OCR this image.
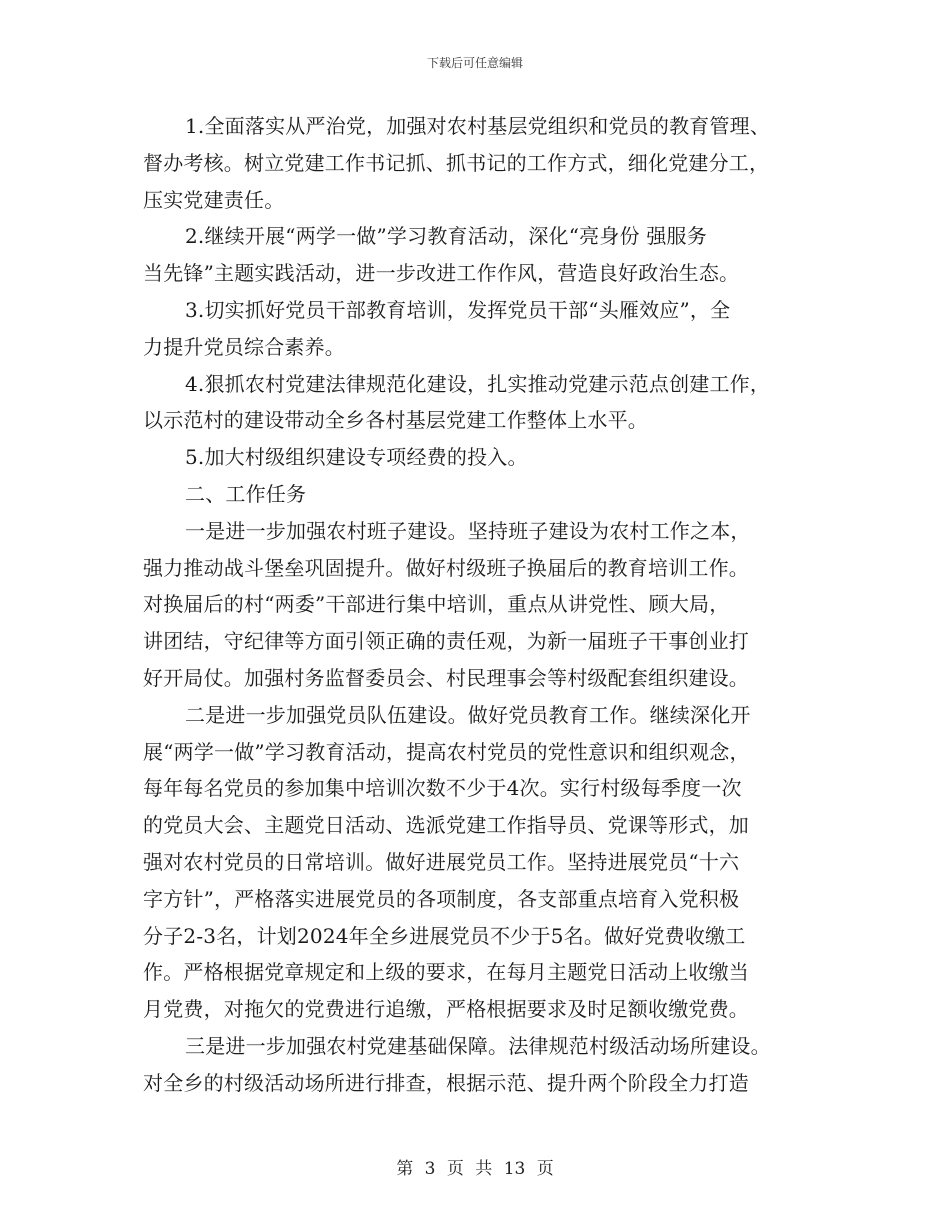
下载后可任意编辑
1.全面落实从严治党，加强对农村基层党组织和党员的教育管理、
督办考核。树立党建工作书记抓、抓书记的工作方式，细化党建分工，
压实党建责任。
2.继续开展“两学一做”学习教育活动，深化“亮身份 强服务
当先锋”主题实践活动，进一步改进工作作风，营造良好政治生态。
3.切实抓好党员干部教育培训，发挥党员干部“头雁效应”，全
力提升党员综合素养。
4.狠抓农村党建法律规范化建设，扎实推动党建示范点创建工作，
以示范村的建设带动全乡各村基层党建工作整体上水平。
5.加大村级组织建设专项经费的投入。
二、工作任务
一是进一步加强农村班子建设。坚持班子建设为农村工作之本，
强力推动战斗堡垒巩固提升。做好村级班子换届后的教育培训工作。
对换届后的村“两委”干部进行集中培训，重点从讲党性、顾大局，
讲团结，守纪律等方面引领正确的责任观，为新一届班子干事创业打
好开局仗。加强村务监督委员会、村民理事会等村级配套组织建设。
二是进一步加强党员队伍建设。做好党员教育工作。继续深化开
展“两学一做”学习教育活动，提高农村党员的党性意识和组织观念，
每年每名党员的参加集中培训次数不少于4次。实行村级每季度一次
的党员大会、主题党日活动、选派党建工作指导员、党课等形式，加
强对农村党员的日常培训。做好进展党员工作。坚持进展党员“十六
字方针”，严格落实进展党员的各项制度，各支部重点培育入党积极
分子2-3名，计划2024年全乡进展党员不少于5名。做好党费收缴工
作。严格根据党章规定和上级的要求，在每月主题党日活动上收缴当
月党费，对拖欠的党费进行追缴，严格根据要求及时足额收缴党费。
三是进一步加强农村党建基础保障。法律规范村级活动场所建设。
对全乡的村级活动场所进行排查，根据示范、提升两个阶段全力打造
第 3 页 共 13 页
